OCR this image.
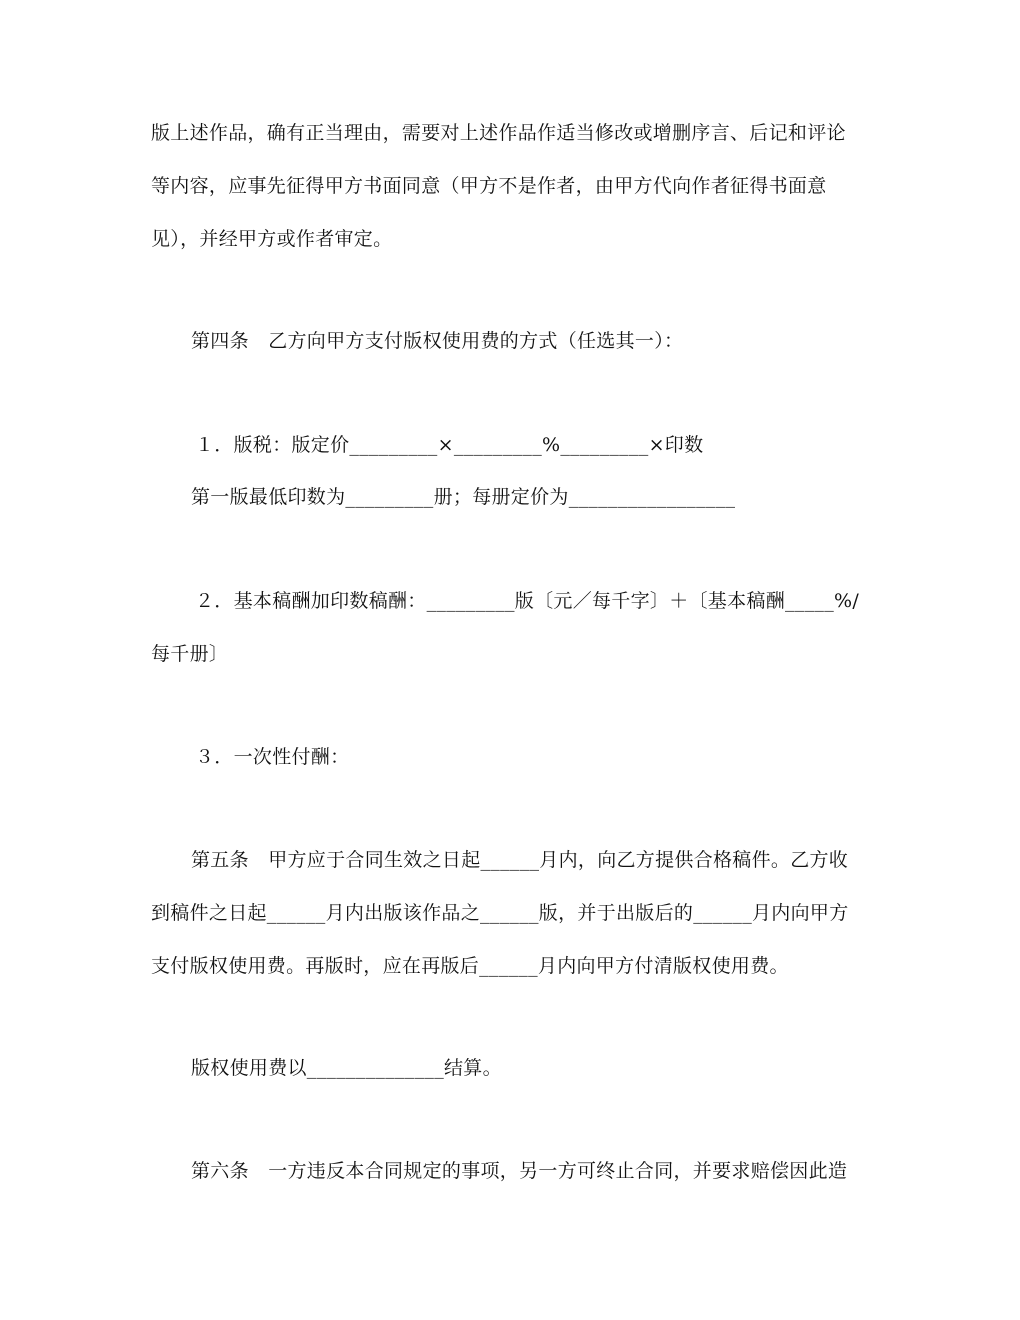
版上述作品，确有正当理由，需要对上述作品作适当修改或增删序言、后记和评论
等内容，应事先征得甲方书面同意（甲方不是作者，由甲方代向作者征得书面意
见），并经甲方或作者审定。
第四条　乙方向甲方支付版权使用费的方式（任选其一）：
１．版税：版定价_________×_________%_________×印数
第一版最低印数为_________册；每册定价为_________________
２．基本稿酬加印数稿酬：_________版〔元／每千字〕＋〔基本稿酬_____%/
每千册〕
３．一次性付酬：
第五条　甲方应于合同生效之日起______月内，向乙方提供合格稿件。乙方收
到稿件之日起______月内出版该作品之______版，并于出版后的______月内向甲方
支付版权使用费。再版时，应在再版后______月内向甲方付清版权使用费。
版权使用费以______________结算。
第六条　一方违反本合同规定的事项，另一方可终止合同，并要求赔偿因此造
